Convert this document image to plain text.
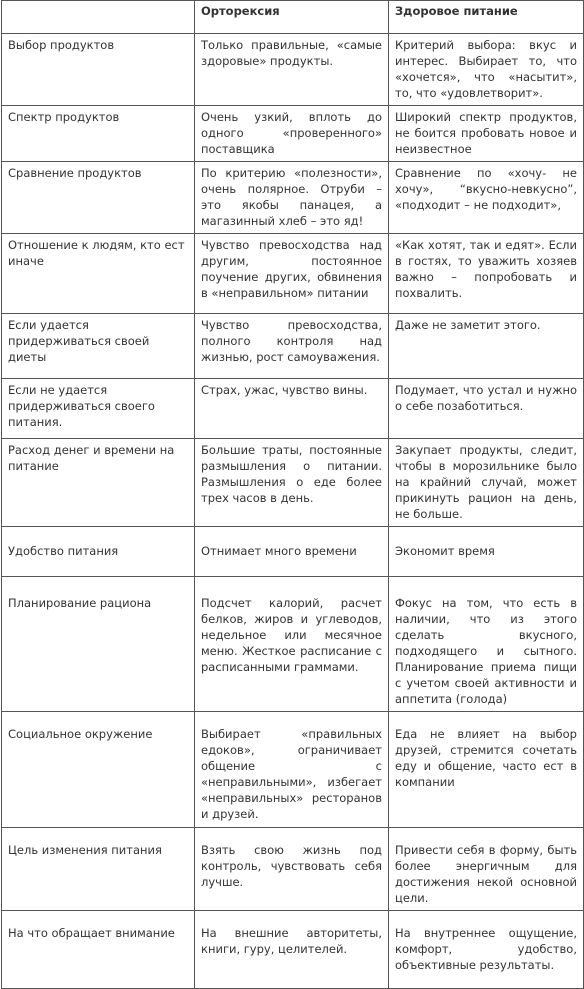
	Орторексия	Здоровое питание
Выбор продуктов	Только правильные, «самые здоровые» продукты.	Критерий выбора: вкус и интерес. Выбирает то, что «хочется», что «насытит», то, что «удовлетворит».
Спектр продуктов	Очень узкий, вплоть до одного «проверенного» поставщика	Широкий спектр продуктов, не боится пробовать новое и неизвестное
Сравнение продуктов	По критерию «полезности», очень полярное. Отруби – это якобы панацея, а магазинный хлеб – это яд!	Сравнение по «хочу- не хочу», “вкусно-невкусно”, «подходит – не подходит»,
Отношение к людям, кто ест иначе	Чувство превосходства над другим, постоянное поучение других, обвинения в «неправильном» питании	«Как хотят, так и едят». Если в гостях, то уважить хозяев важно – попробовать и похвалить.
Если удается придерживаться своей диеты	Чувство превосходства, полного контроля над жизнью, рост самоуважения.	Даже не заметит этого.
Если не удается придерживаться своего питания.	Страх, ужас, чувство вины.	Подумает, что устал и нужно о себе позаботиться.
Расход денег и времени на питание	Большие траты, постоянные размышления о питании. Размышления о еде более трех часов в день.	Закупает продукты, следит, чтобы в морозильнике было на крайний случай, может прикинуть рацион на день, не больше.
Удобство питания	Отнимает много времени	Экономит время
Планирование рациона	Подсчет калорий, расчет белков, жиров и углеводов, недельное или месячное меню. Жесткое расписание с расписанными граммами.	Фокус на том, что есть в наличии, что из этого сделать вкусного, подходящего и сытного. Планирование приема пищи с учетом своей активности и аппетита (голода)
Социальное окружение	Выбирает «правильных едоков», ограничивает общение с «неправильными», избегает «неправильных» ресторанов и друзей.	Еда не влияет на выбор друзей, стремится сочетать еду и общение, часто ест в компании
Цель изменения питания	Взять свою жизнь под контроль, чувствовать себя лучше.	Привести себя в форму, быть более энергичным для достижения некой основной цели.
На что обращает внимание	На внешние авторитеты, книги, гуру, целителей.	На внутреннее ощущение, комфорт, удобство, объективные результаты.
